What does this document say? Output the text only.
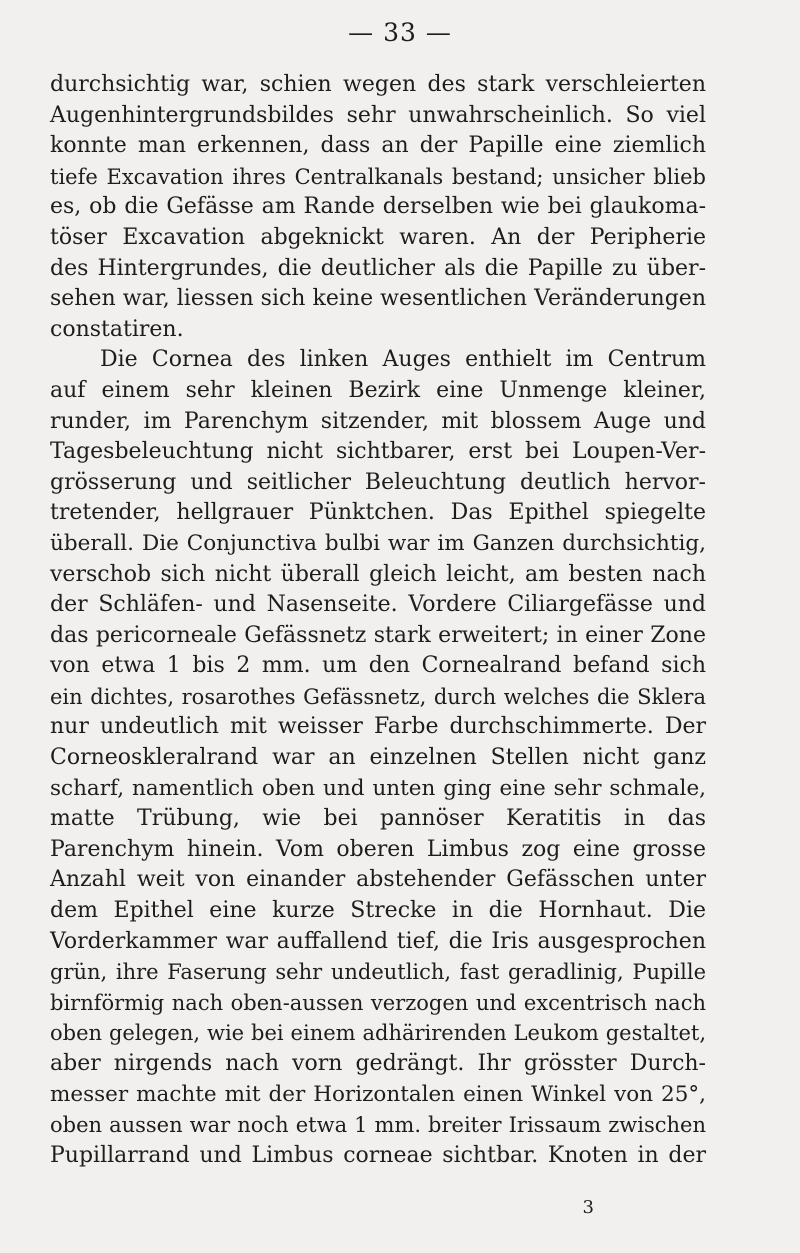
— 33 —
durchsichtig war, schien wegen des stark verschleierten
Augenhintergrundsbildes sehr unwahrscheinlich. So viel
konnte man erkennen, dass an der Papille eine ziemlich
tiefe Excavation ihres Centralkanals bestand; unsicher blieb
es, ob die Gefässe am Rande derselben wie bei glaukoma-
töser Excavation abgeknickt waren. An der Peripherie
des Hintergrundes, die deutlicher als die Papille zu über-
sehen war, liessen sich keine wesentlichen Veränderungen
constatiren.
Die Cornea des linken Auges enthielt im Centrum
auf einem sehr kleinen Bezirk eine Unmenge kleiner,
runder, im Parenchym sitzender, mit blossem Auge und
Tagesbeleuchtung nicht sichtbarer, erst bei Loupen-Ver-
grösserung und seitlicher Beleuchtung deutlich hervor-
tretender, hellgrauer Pünktchen. Das Epithel spiegelte
überall. Die Conjunctiva bulbi war im Ganzen durchsichtig,
verschob sich nicht überall gleich leicht, am besten nach
der Schläfen- und Nasenseite. Vordere Ciliargefässe und
das pericorneale Gefässnetz stark erweitert; in einer Zone
von etwa 1 bis 2 mm. um den Cornealrand befand sich
ein dichtes, rosarothes Gefässnetz, durch welches die Sklera
nur undeutlich mit weisser Farbe durchschimmerte. Der
Corneoskleralrand war an einzelnen Stellen nicht ganz
scharf, namentlich oben und unten ging eine sehr schmale,
matte Trübung, wie bei pannöser Keratitis in das
Parenchym hinein. Vom oberen Limbus zog eine grosse
Anzahl weit von einander abstehender Gefässchen unter
dem Epithel eine kurze Strecke in die Hornhaut. Die
Vorderkammer war auffallend tief, die Iris ausgesprochen
grün, ihre Faserung sehr undeutlich, fast geradlinig, Pupille
birnförmig nach oben-aussen verzogen und excentrisch nach
oben gelegen, wie bei einem adhärirenden Leukom gestaltet,
aber nirgends nach vorn gedrängt. Ihr grösster Durch-
messer machte mit der Horizontalen einen Winkel von 25°,
oben aussen war noch etwa 1 mm. breiter Irissaum zwischen
Pupillarrand und Limbus corneae sichtbar. Knoten in der
3
